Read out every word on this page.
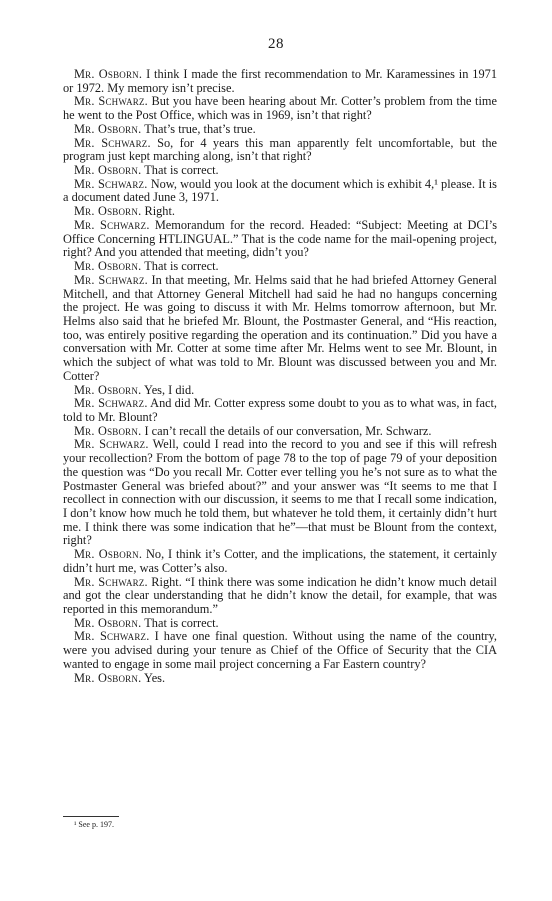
28

Mr. Osborn. I think I made the first recommendation to Mr. Karamessines in 1971 or 1972. My memory isn’t precise.

Mr. Schwarz. But you have been hearing about Mr. Cotter’s problem from the time he went to the Post Office, which was in 1969, isn’t that right?

Mr. Osborn. That’s true, that’s true.

Mr. Schwarz. So, for 4 years this man apparently felt uncomfortable, but the program just kept marching along, isn’t that right?

Mr. Osborn. That is correct.

Mr. Schwarz. Now, would you look at the document which is exhibit 4,¹ please. It is a document dated June 3, 1971.

Mr. Osborn. Right.

Mr. Schwarz. Memorandum for the record. Headed: “Subject: Meeting at DCI’s Office Concerning HTLINGUAL.” That is the code name for the mail-opening project, right? And you attended that meeting, didn’t you?

Mr. Osborn. That is correct.

Mr. Schwarz. In that meeting, Mr. Helms said that he had briefed Attorney General Mitchell, and that Attorney General Mitchell had said he had no hangups concerning the project. He was going to discuss it with Mr. Helms tomorrow afternoon, but Mr. Helms also said that he briefed Mr. Blount, the Postmaster General, and “His reaction, too, was entirely positive regarding the operation and its continuation.” Did you have a conversation with Mr. Cotter at some time after Mr. Helms went to see Mr. Blount, in which the subject of what was told to Mr. Blount was discussed between you and Mr. Cotter?

Mr. Osborn. Yes, I did.

Mr. Schwarz. And did Mr. Cotter express some doubt to you as to what was, in fact, told to Mr. Blount?

Mr. Osborn. I can’t recall the details of our conversation, Mr. Schwarz.

Mr. Schwarz. Well, could I read into the record to you and see if this will refresh your recollection? From the bottom of page 78 to the top of page 79 of your deposition the question was “Do you recall Mr. Cotter ever telling you he’s not sure as to what the Postmaster General was briefed about?” and your answer was “It seems to me that I recollect in connection with our discussion, it seems to me that I recall some indication, I don’t know how much he told them, but whatever he told them, it certainly didn’t hurt me. I think there was some indication that he”—that must be Blount from the context, right?

Mr. Osborn. No, I think it’s Cotter, and the implications, the statement, it certainly didn’t hurt me, was Cotter’s also.

Mr. Schwarz. Right. “I think there was some indication he didn’t know much detail and got the clear understanding that he didn’t know the detail, for example, that was reported in this memorandum.”

Mr. Osborn. That is correct.

Mr. Schwarz. I have one final question. Without using the name of the country, were you advised during your tenure as Chief of the Office of Security that the CIA wanted to engage in some mail project concerning a Far Eastern country?

Mr. Osborn. Yes.

¹ See p. 197.
